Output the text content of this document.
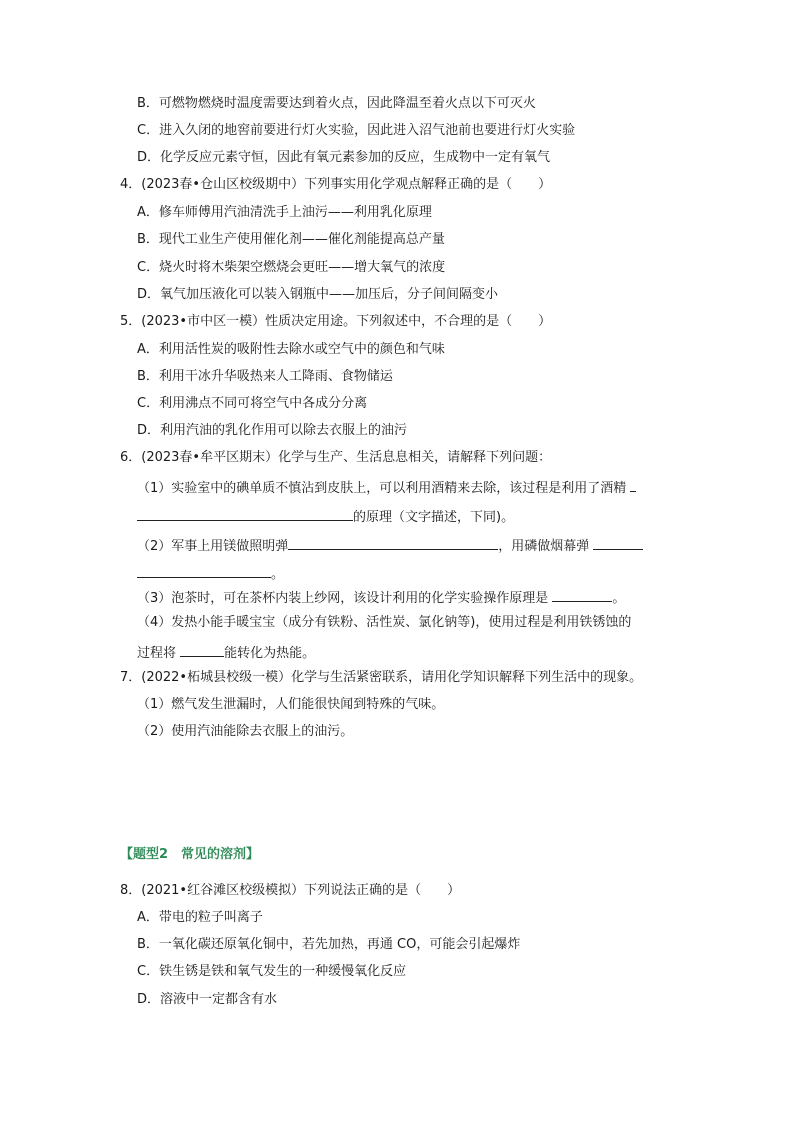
B．可燃物燃烧时温度需要达到着火点，因此降温至着火点以下可灭火
C．进入久闭的地窖前要进行灯火实验，因此进入沼气池前也要进行灯火实验
D．化学反应元素守恒，因此有氧元素参加的反应，生成物中一定有氧气
4．(2023春•仓山区校级期中）下列事实用化学观点解释正确的是（　　）
A．修车师傅用汽油清洗手上油污——利用乳化原理
B．现代工业生产使用催化剂——催化剂能提高总产量
C．烧火时将木柴架空燃烧会更旺——增大氧气的浓度
D．氧气加压液化可以装入钢瓶中——加压后，分子间间隔变小
5．(2023•市中区一模）性质决定用途。下列叙述中，不合理的是（　　）
A．利用活性炭的吸附性去除水或空气中的颜色和气味
B．利用干冰升华吸热来人工降雨、食物储运
C．利用沸点不同可将空气中各成分分离
D．利用汽油的乳化作用可以除去衣服上的油污
6．(2023春•牟平区期末）化学与生产、生活息息相关，请解释下列问题：
（1）实验室中的碘单质不慎沾到皮肤上，可以利用酒精来去除，该过程是利用了酒精
的原理（文字描述，下同)。
（2）军事上用镁做照明弹	，用磷做烟幕弹
。
（3）泡茶时，可在茶杯内装上纱网，该设计利用的化学实验操作原理是	。
（4）发热小能手暖宝宝（成分有铁粉、活性炭、氯化钠等)，使用过程是利用铁锈蚀的
过程将	能转化为热能。
7．(2022•柘城县校级一模）化学与生活紧密联系，请用化学知识解释下列生活中的现象。
（1）燃气发生泄漏时，人们能很快闻到特殊的气味。
（2）使用汽油能除去衣服上的油污。
【题型2　常见的溶剂】
8．(2021•红谷滩区校级模拟）下列说法正确的是（　　）
A．带电的粒子叫离子
B．一氧化碳还原氧化铜中，若先加热，再通 CO，可能会引起爆炸
C．铁生锈是铁和氧气发生的一种缓慢氧化反应
D．溶液中一定都含有水
